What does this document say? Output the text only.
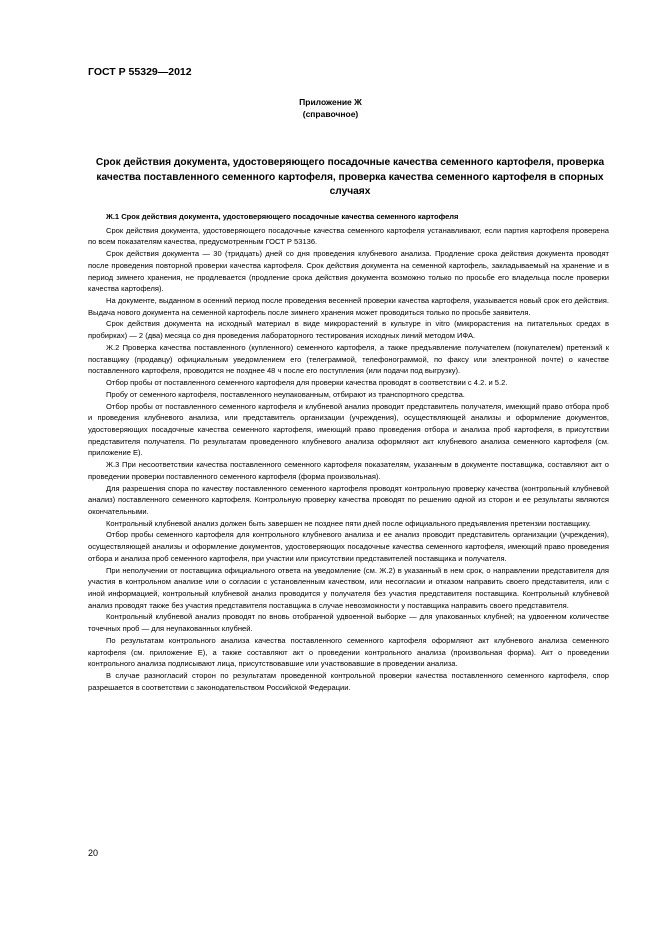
ГОСТ Р 55329—2012
Приложение Ж
(справочное)
Срок действия документа, удостоверяющего посадочные качества семенного картофеля, проверка качества поставленного семенного картофеля, проверка качества семенного картофеля в спорных случаях

Ж.1 Срок действия документа, удостоверяющего посадочные качества семенного картофеля

Срок действия документа, удостоверяющего посадочные качества семенного картофеля устанавливают, если партия картофеля проверена по всем показателям качества, предусмотренным ГОСТ Р 53136.

Срок действия документа — 30 (тридцать) дней со дня проведения клубневого анализа. Продление срока действия документа проводят после проведения повторной проверки качества картофеля. Срок действия документа на семенной картофель, закладываемый на хранение и в период зимнего хранения, не продлевается (продление срока действия документа возможно только по просьбе его владельца после проверки качества картофеля).

На документе, выданном в осенний период после проведения весенней проверки качества картофеля, указывается новый срок его действия. Выдача нового документа на семенной картофель после зимнего хранения может проводиться только по просьбе заявителя.

Срок действия документа на исходный материал в виде микрорастений в культуре in vitro (микрорастения на питательных средах в пробирках) — 2 (два) месяца со дня проведения лабораторного тестирования исходных линий методом ИФА.

Ж.2 Проверка качества поставленного (купленного) семенного картофеля, а также предъявление получателем (покупателем) претензий к поставщику (продавцу) официальным уведомлением его (телеграммой, телефонограммой, по факсу или электронной почте) о качестве поставленного картофеля, проводится не позднее 48 ч после его поступления (или подачи под выгрузку).

Отбор пробы от поставленного семенного картофеля для проверки качества проводят в соответствии с 4.2. и 5.2.

Пробу от семенного картофеля, поставленного неупакованным, отбирают из транспортного средства.

Отбор пробы от поставленного семенного картофеля и клубневой анализ проводит представитель получателя, имеющий право отбора проб и проведения клубневого анализа, или представитель организации (учреждения), осуществляющей анализы и оформление документов, удостоверяющих посадочные качества семенного картофеля, имеющий право проведения отбора и анализа проб картофеля, в присутствии представителя получателя. По результатам проведенного клубневого анализа оформляют акт клубневого анализа семенного картофеля (см. приложение Е).

Ж.3 При несоответствии качества поставленного семенного картофеля показателям, указанным в документе поставщика, составляют акт о проведении проверки поставленного семенного картофеля (форма произвольная).

Для разрешения спора по качеству поставленного семенного картофеля проводят контрольную проверку качества (контрольный клубневой анализ) поставленного семенного картофеля. Контрольную проверку качества проводят по решению одной из сторон и ее результаты являются окончательными.

Контрольный клубневой анализ должен быть завершен не позднее пяти дней после официального предъявления претензии поставщику.

Отбор пробы семенного картофеля для контрольного клубневого анализа и ее анализ проводит представитель организации (учреждения), осуществляющей анализы и оформление документов, удостоверяющих посадочные качества семенного картофеля, имеющий право проведения отбора и анализа проб семенного картофеля, при участии или присутствии представителей поставщика и получателя.

При неполучении от поставщика официального ответа на уведомление (см. Ж.2) в указанный в нем срок, о направлении представителя для участия в контрольном анализе или о согласии с установленным качеством, или несогласии и отказом направить своего представителя, или с иной информацией, контрольный клубневой анализ проводится у получателя без участия представителя поставщика. Контрольный клубневой анализ проводят также без участия представителя поставщика в случае невозможности у поставщика направить своего представителя.

Контрольный клубневой анализ проводят по вновь отобранной удвоенной выборке — для упакованных клубней; на удвоенном количестве точечных проб — для неупакованных клубней.

По результатам контрольного анализа качества поставленного семенного картофеля оформляют акт клубневого анализа семенного картофеля (см. приложение Е), а также составляют акт о проведении контрольного анализа (произвольная форма). Акт о проведении контрольного анализа подписывают лица, присутствовавшие или участвовавшие в проведении анализа.

В случае разногласий сторон по результатам проведенной контрольной проверки качества поставленного семенного картофеля, спор разрешается в соответствии с законодательством Российской Федерации.

20
